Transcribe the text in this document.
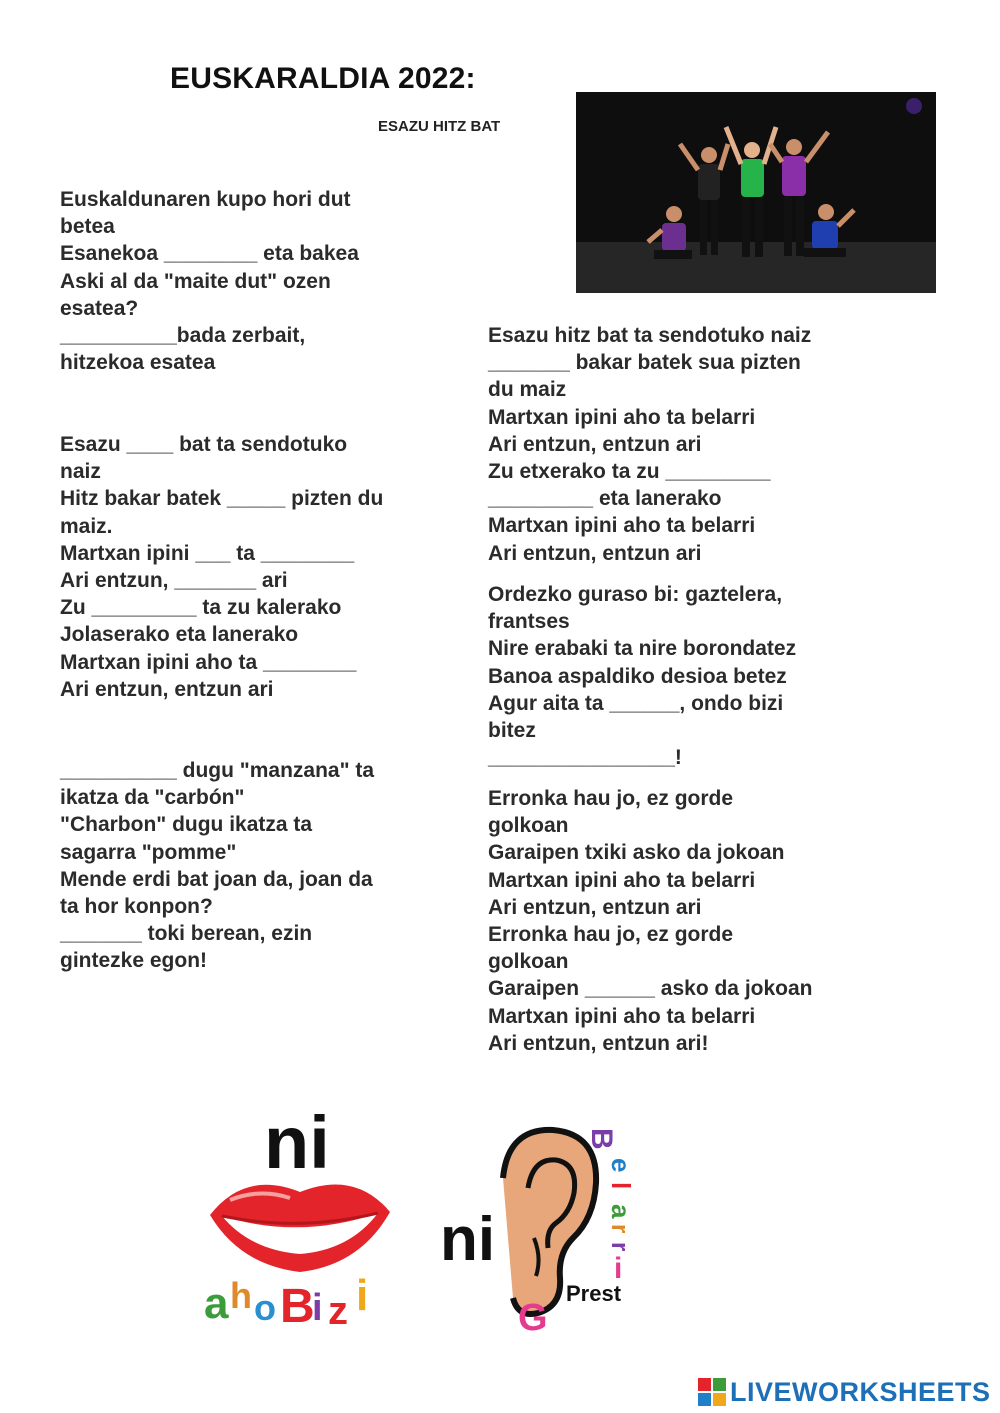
EUSKARALDIA 2022:
ESAZU HITZ BAT
Euskaldunaren kupo hori dut
betea
Esanekoa ________ eta bakea
Aski al da "maite dut" ozen
esatea?
__________bada zerbait,
hitzekoa esatea
Esazu ____ bat ta sendotuko
naiz
Hitz bakar batek _____ pizten du
maiz.
Martxan ipini ___ ta ________
Ari entzun, _______ ari
Zu _________ ta zu kalerako
Jolaserako eta lanerako
Martxan ipini aho ta ________
Ari entzun, entzun ari
__________ dugu "manzana" ta
ikatza da "carbón"
"Charbon" dugu ikatza ta
sagarra "pomme"
Mende erdi bat joan da, joan da
ta hor konpon?
_______ toki berean, ezin
gintezke egon!
Esazu hitz bat ta sendotuko naiz
_______ bakar batek sua pizten
du maiz
Martxan ipini aho ta belarri
Ari entzun, entzun ari
Zu etxerako ta zu _________
_________ eta lanerako
Martxan ipini aho ta belarri
Ari entzun, entzun ari
Ordezko guraso bi: gaztelera,
frantses
Nire erabaki ta nire borondatez
Banoa aspaldiko desioa betez
Agur aita ta ______, ondo bizi
bitez
________________!
Erronka hau jo, ez gorde
golkoan
Garaipen txiki asko da jokoan
Martxan ipini aho ta belarri
Ari entzun, entzun ari
Erronka hau jo, ez gorde
golkoan
Garaipen ______ asko da jokoan
Martxan ipini aho ta belarri
Ari entzun, entzun ari!
ni
a h o B
i z i
ni
B
e
l
a
r
r
i
G
Prest
LIVEWORKSHEETS
